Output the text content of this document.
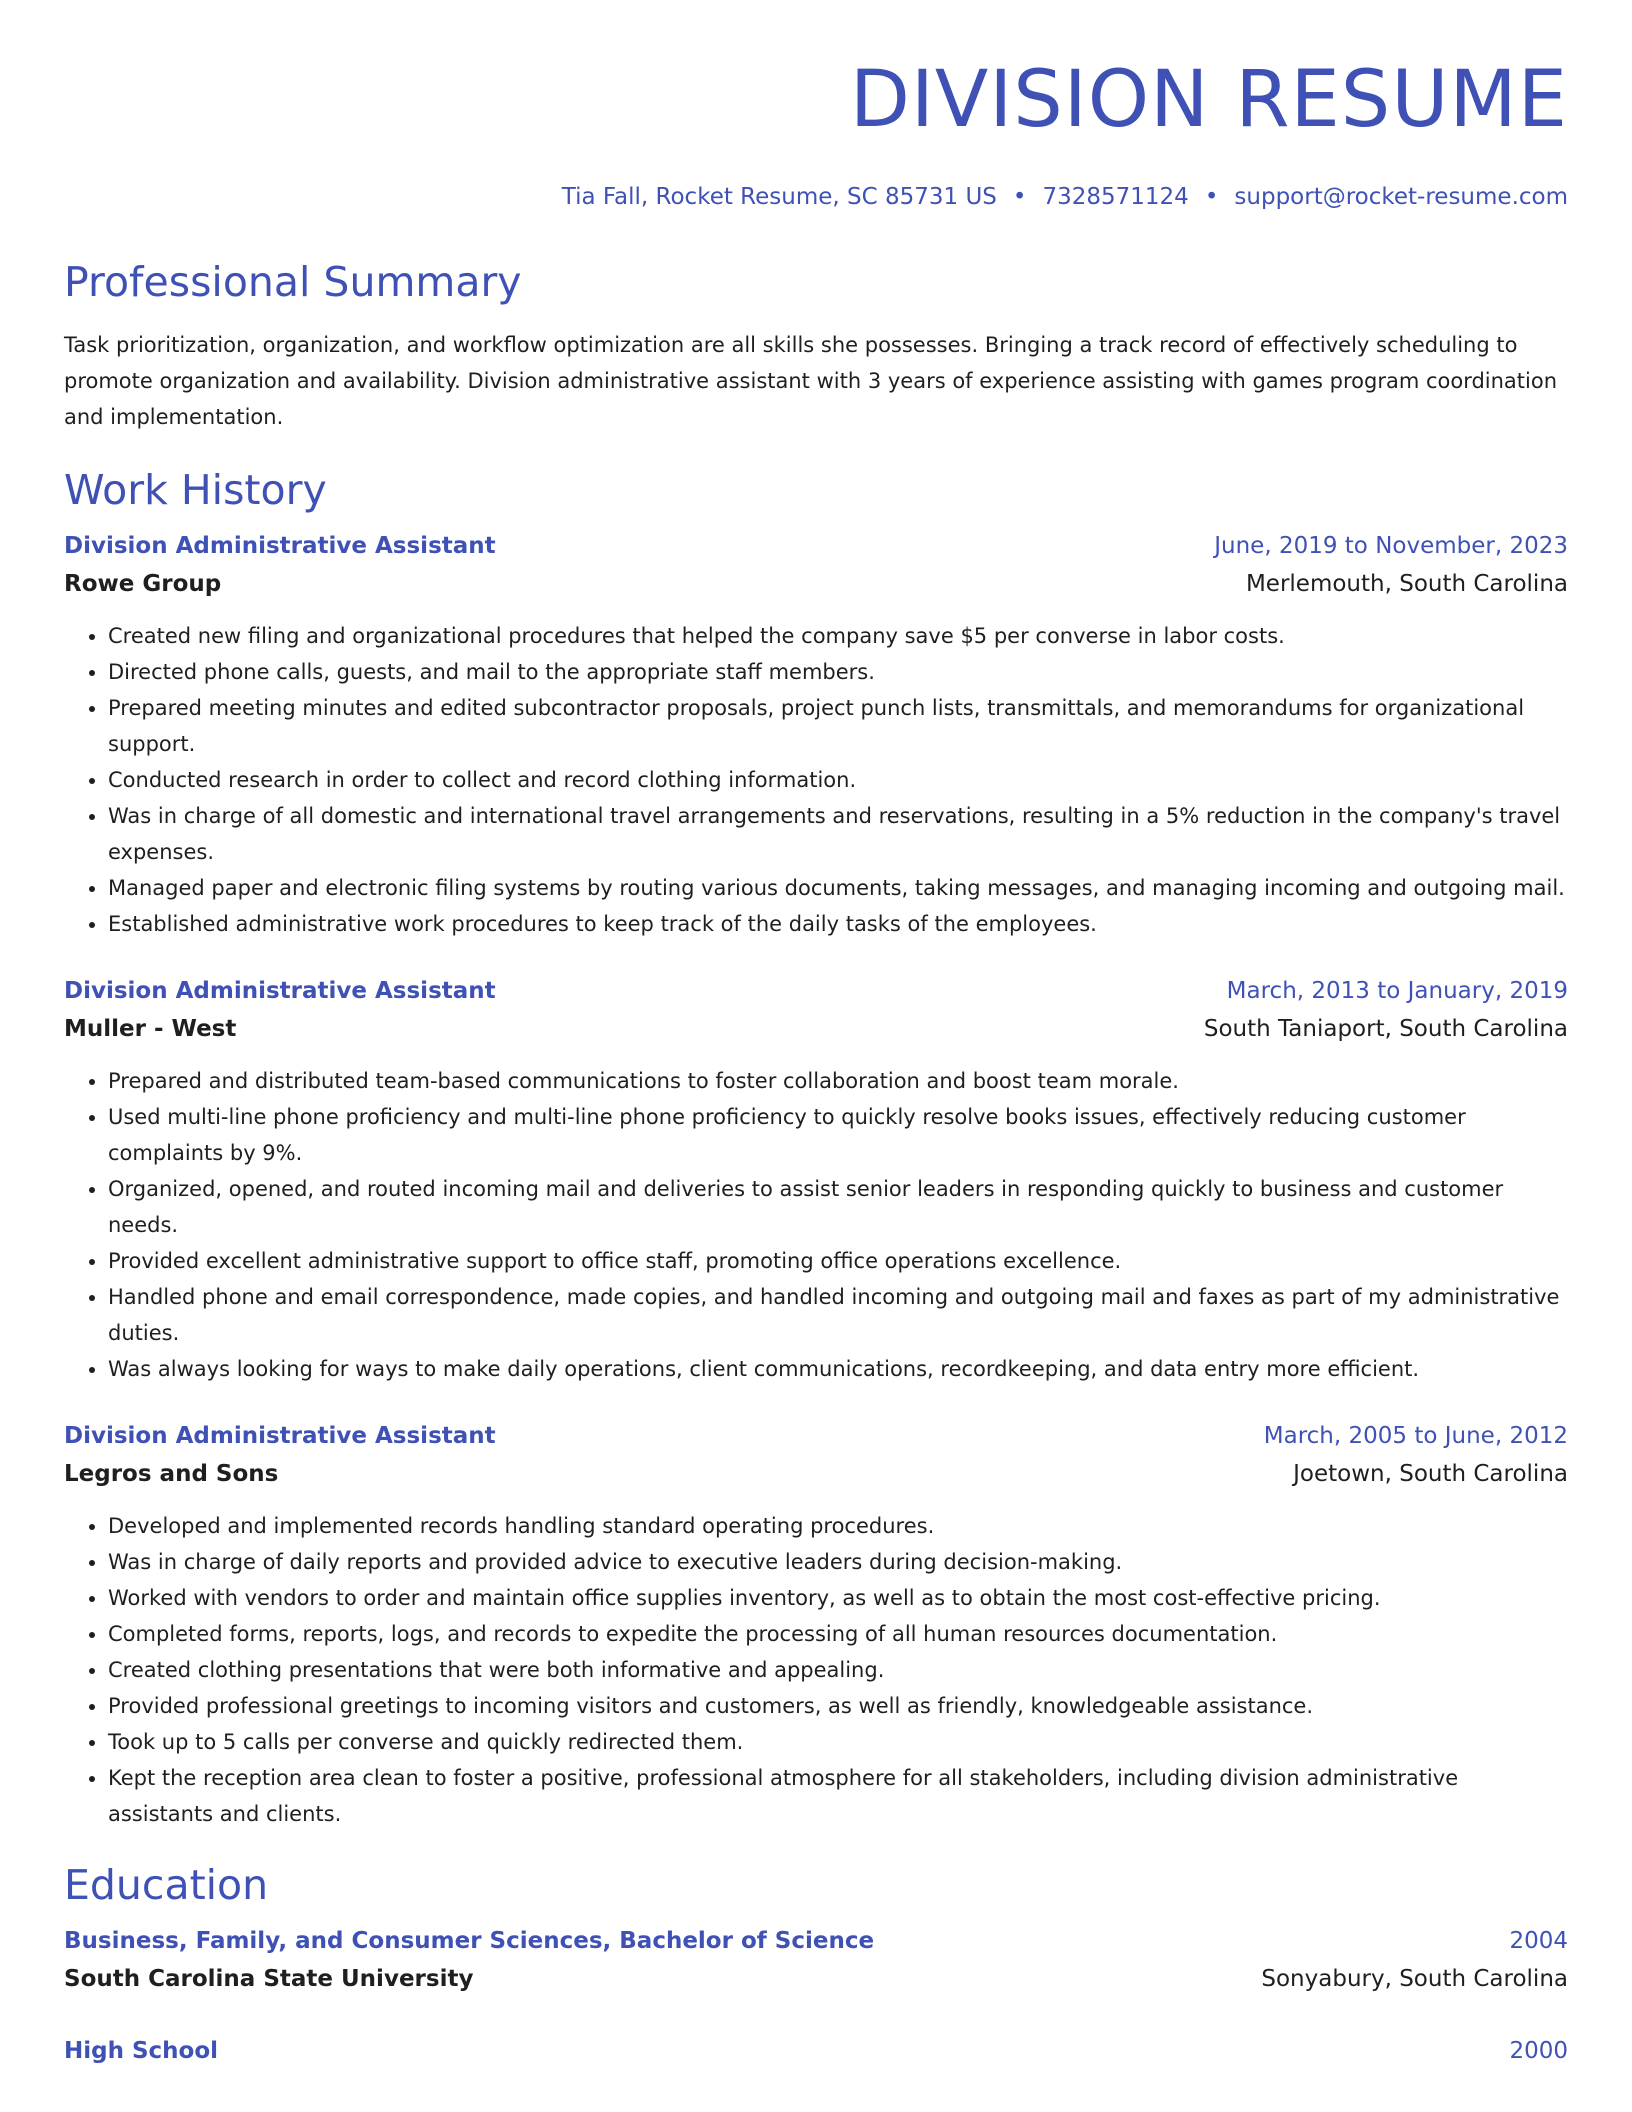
DIVISION RESUME
Tia Fall, Rocket Resume, SC 85731 US • 7328571124 • support@rocket-resume.com
Professional Summary

Task prioritization, organization, and workflow optimization are all skills she possesses. Bringing a track record of effectively scheduling to promote organization and availability. Division administrative assistant with 3 years of experience assisting with games program coordination and implementation.

Work History
Division Administrative Assistant	June, 2019 to November, 2023
Rowe Group	Merlemouth, South Carolina
• Created new filing and organizational procedures that helped the company save $5 per converse in labor costs.
• Directed phone calls, guests, and mail to the appropriate staff members.
• Prepared meeting minutes and edited subcontractor proposals, project punch lists, transmittals, and memorandums for organizational support.
• Conducted research in order to collect and record clothing information.
• Was in charge of all domestic and international travel arrangements and reservations, resulting in a 5% reduction in the company's travel expenses.
• Managed paper and electronic filing systems by routing various documents, taking messages, and managing incoming and outgoing mail.
• Established administrative work procedures to keep track of the daily tasks of the employees.
Division Administrative Assistant	March, 2013 to January, 2019
Muller - West	South Taniaport, South Carolina
• Prepared and distributed team-based communications to foster collaboration and boost team morale.
• Used multi-line phone proficiency and multi-line phone proficiency to quickly resolve books issues, effectively reducing customer complaints by 9%.
• Organized, opened, and routed incoming mail and deliveries to assist senior leaders in responding quickly to business and customer needs.
• Provided excellent administrative support to office staff, promoting office operations excellence.
• Handled phone and email correspondence, made copies, and handled incoming and outgoing mail and faxes as part of my administrative duties.
• Was always looking for ways to make daily operations, client communications, recordkeeping, and data entry more efficient.
Division Administrative Assistant	March, 2005 to June, 2012
Legros and Sons	Joetown, South Carolina
• Developed and implemented records handling standard operating procedures.
• Was in charge of daily reports and provided advice to executive leaders during decision-making.
• Worked with vendors to order and maintain office supplies inventory, as well as to obtain the most cost-effective pricing.
• Completed forms, reports, logs, and records to expedite the processing of all human resources documentation.
• Created clothing presentations that were both informative and appealing.
• Provided professional greetings to incoming visitors and customers, as well as friendly, knowledgeable assistance.
• Took up to 5 calls per converse and quickly redirected them.
• Kept the reception area clean to foster a positive, professional atmosphere for all stakeholders, including division administrative assistants and clients.
Education
Business, Family, and Consumer Sciences, Bachelor of Science	2004
South Carolina State University	Sonyabury, South Carolina
High School	2000
